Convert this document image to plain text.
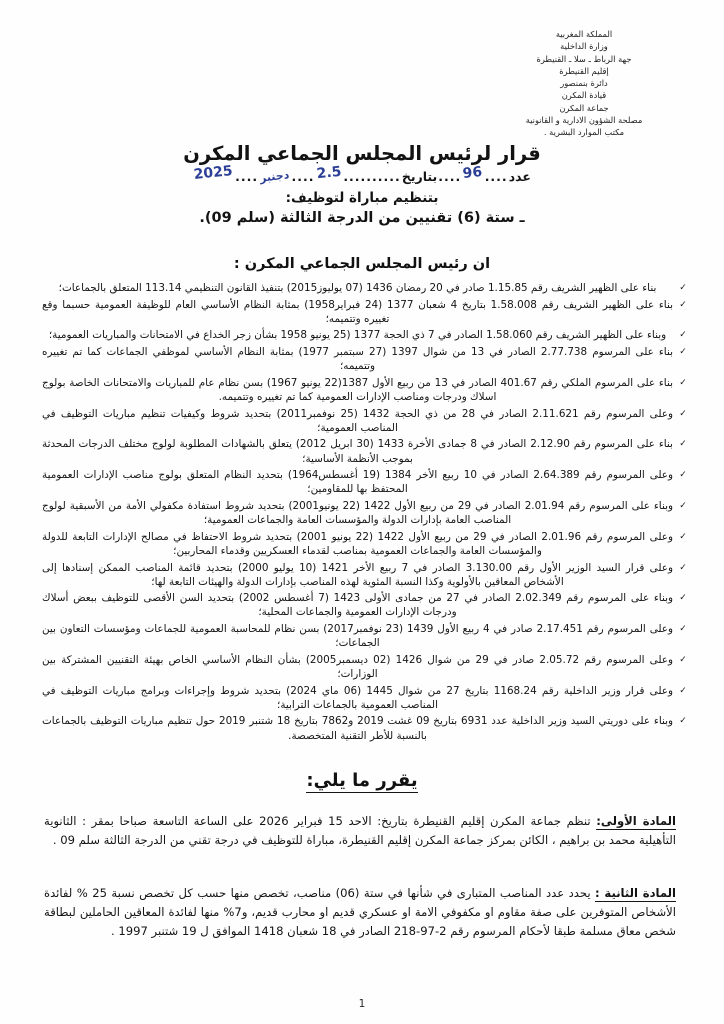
المملكة المغربية
وزارة الداخلية
جهة الرباط ـ سلا ـ القنيطرة
إقليم القنيطرة
دائرة بنمنصور
قيادة المكرن
جماعة المكرن
مصلحة الشؤون الادارية و القانونية
مكتب الموارد البشرية .
قرار لرئيس المجلس الجماعي المكرن
عدد
....
96
....
بتاريخ
..........
2.5
....
دجنبر
....
2025
بتنظيم مباراة لتوظيف:
ـ ستة (6) تقنيين من الدرجة الثالثة (سلم 09).
ان رئيس المجلس الجماعي المكرن :
✓
بناء على الظهير الشريف رقم 1.15.85 صادر في 20 رمضان 1436 (07 يوليوز2015) بتنفيذ القانون التنظيمي 113.14 المتعلق بالجماعات؛
✓
بناء على الظهير الشريف رقم 1.58.008 بتاريخ 4 شعبان 1377 (24 فبراير1958) بمثابة النظام الأساسي العام للوظيفة العمومية حسبما وقع تغييره وتتميمه؛
✓
وبناء على الظهير الشريف رقم 1.58.060 الصادر في 7 ذي الحجة 1377 (25 يونيو 1958 بشأن زجر الخداع في الامتحانات والمباريات العمومية؛
✓
بناء على المرسوم 2.77.738 الصادر في 13 من شوال 1397 (27 سبتمبر 1977) بمثابة النظام الأساسي لموظفي الجماعات كما تم تغييره وتتميمه؛
✓
بناء على المرسوم الملكي رقم 401.67 الصادر في 13 من ربيع الأول 1387(22 يونيو 1967) بسن نظام عام للمباريات والامتحانات الخاصة بولوج اسلاك ودرجات ومناصب الإدارات العمومية كما تم تغييره وتتميمه.
✓
وعلى المرسوم رقم 2.11.621 الصادر في 28 من ذي الحجة 1432 (25 نوفمبر2011) بتحديد شروط وكيفيات تنظيم مباريات التوظيف في المناصب العمومية؛
✓
بناء على المرسوم رقم 2.12.90 الصادر في 8 جمادى الأخرة 1433 (30 ابريل 2012) يتعلق بالشهادات المطلوبة لولوج مختلف الدرجات المحدثة بموجب الأنظمة الأساسية؛
✓
وعلى المرسوم رقم 2.64.389 الصادر في 10 ربيع الأخر 1384 (19 أغسطس1964) بتحديد النظام المتعلق بولوج مناصب الإدارات العمومية المحتفظ بها للمقاومين؛
✓
وبناء على المرسوم رقم 2.01.94 الصادر في 29 من ربيع الأول 1422 (22 يونيو2001) بتحديد شروط استفادة مكفولي الأمة من الأسبقية لولوج المناصب العامة بإدارات الدولة والمؤسسات العامة والجماعات العمومية؛
✓
وعلى المرسوم رقم 2.01.96 الصادر في 29 من ربيع الأول 1422 (22 يونيو 2001) بتحديد شروط الاحتفاظ في مصالح الإدارات التابعة للدولة والمؤسسات العامة والجماعات العمومية بمناصب لقدماء العسكريين وقدماء المحاربين؛
✓
وعلى قرار السيد الوزير الأول رقم 3.130.00 الصادر في 7 ربيع الأخر 1421 (10 يوليو 2000) بتحديد قائمة المناصب الممكن إسنادها إلى الأشخاص المعاقين بالأولوية وكذا النسبة المئوية لهذه المناصب بإدارات الدولة والهيئات التابعة لها؛
✓
وبناء على المرسوم رقم 2.02.349 الصادر في 27 من جمادى الأولى 1423 (7 أغسطس 2002) بتحديد السن الأقصى للتوظيف ببعض أسلاك ودرجات الإدارات العمومية والجماعات المحلية؛
✓
وعلى المرسوم رقم 2.17.451 صادر في 4 ربيع الأول 1439 (23 نوفمبر2017) بسن نظام للمحاسبة العمومية للجماعات ومؤسسات التعاون بين الجماعات؛
✓
وعلى المرسوم رقم 2.05.72 صادر في 29 من شوال 1426 (02 ديسمبر2005) بشأن النظام الأساسي الخاص بهيئة التقنيين المشتركة بين الوزارات؛
✓
وعلى قرار وزير الداخلية رقم 1168.24 بتاريخ 27 من شوال 1445 (06 ماي 2024) بتحديد شروط وإجراءات وبرامج مباريات التوظيف في المناصب العمومية بالجماعات الترابية؛
✓
وبناء على دوريتي السيد وزير الداخلية عدد 6931 بتاريخ 09 غشت 2019 و7862 بتاريخ 18 شتنبر 2019 حول تنظيم مباريات التوظيف بالجماعات بالنسبة للأطر التقنية المتخصصة.
يقرر ما يلي:
المادة الأولى: تنظم جماعة المكرن إقليم القنيطرة بتاريخ: الاحد 15 فبراير 2026 على الساعة التاسعة صباحا بمقر : الثانوية التأهيلية محمد بن براهيم ، الكائن بمركز جماعة المكرن إقليم القنيطرة، مباراة للتوظيف في درجة تقني من الدرجة الثالثة سلم 09 .
المادة الثانية : يحدد عدد المناصب المتبارى في شأنها في ستة (06) مناصب، تخصص منها حسب كل تخصص نسبة 25 % لفائدة الأشخاص المتوفرين على صفة مقاوم او مكفوفي الامة او عسكري قديم او محارب قديم، و7% منها لفائدة المعاقين الحاملين لبطاقة شخص معاق مسلمة طبقا لأحكام المرسوم رقم 2-97-218 الصادر في 18 شعبان 1418 الموافق ل 19 شتنبر 1997 .
1
